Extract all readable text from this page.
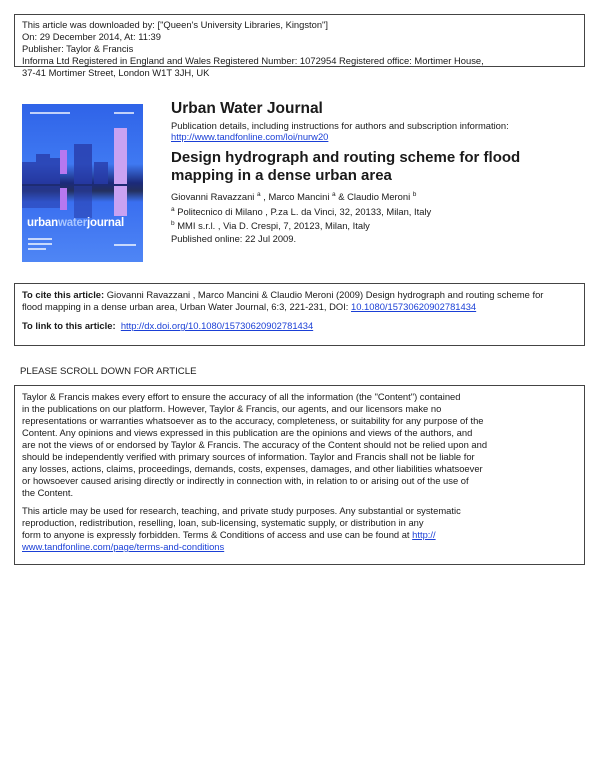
This article was downloaded by: ["Queen's University Libraries, Kingston"]
On: 29 December 2014, At: 11:39
Publisher: Taylor & Francis
Informa Ltd Registered in England and Wales Registered Number: 1072954 Registered office: Mortimer House,
37-41 Mortimer Street, London W1T 3JH, UK
urbanwaterjournal
Urban Water Journal
Publication details, including instructions for authors and subscription information:
http://www.tandfonline.com/loi/nurw20
Design hydrograph and routing scheme for flood
mapping in a dense urban area
Giovanni Ravazzani $^a$ , Marco Mancini $^a$ & Claudio Meroni $^b$
$^a$ Politecnico di Milano , P.za L. da Vinci, 32, 20133, Milan, Italy
$^b$ MMI s.r.l. , Via D. Crespi, 7, 20123, Milan, Italy
Published online: 22 Jul 2009.
To cite this article: Giovanni Ravazzani , Marco Mancini & Claudio Meroni (2009) Design hydrograph and routing scheme for
flood mapping in a dense urban area, Urban Water Journal, 6:3, 221-231, DOI: 10.1080/15730620902781434
To link to this article: http://dx.doi.org/10.1080/15730620902781434
PLEASE SCROLL DOWN FOR ARTICLE

Taylor & Francis makes every effort to ensure the accuracy of all the information (the "Content") contained
in the publications on our platform. However, Taylor & Francis, our agents, and our licensors make no
representations or warranties whatsoever as to the accuracy, completeness, or suitability for any purpose of the
Content. Any opinions and views expressed in this publication are the opinions and views of the authors, and
are not the views of or endorsed by Taylor & Francis. The accuracy of the Content should not be relied upon and
should be independently verified with primary sources of information. Taylor and Francis shall not be liable for
any losses, actions, claims, proceedings, demands, costs, expenses, damages, and other liabilities whatsoever
or howsoever caused arising directly or indirectly in connection with, in relation to or arising out of the use of
the Content.

This article may be used for research, teaching, and private study purposes. Any substantial or systematic
reproduction, redistribution, reselling, loan, sub-licensing, systematic supply, or distribution in any
form to anyone is expressly forbidden. Terms & Conditions of access and use can be found at http://
www.tandfonline.com/page/terms-and-conditions
